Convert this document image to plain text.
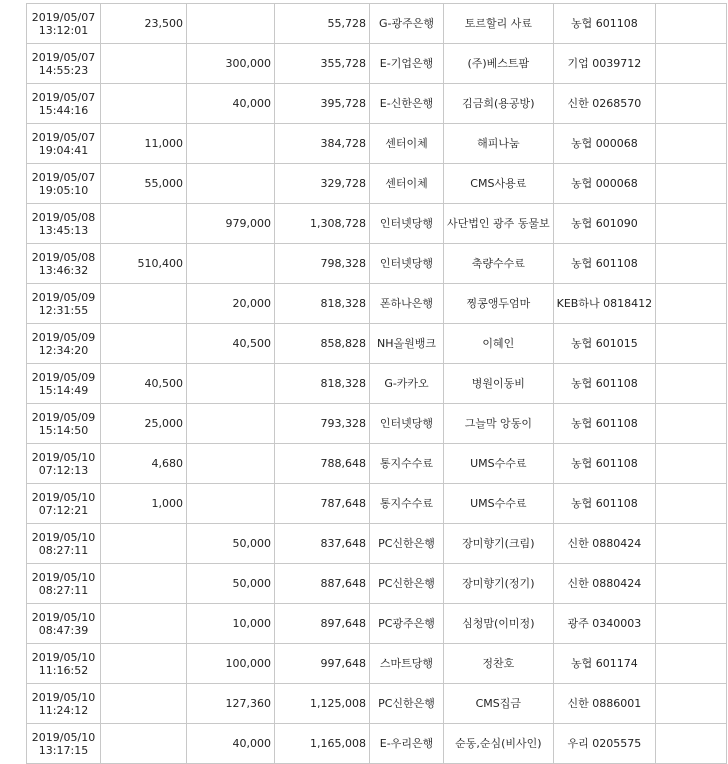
2019/05/07
13:12:01	23,500		55,728	G-광주은행	토르할리 사료	농협 601108	

2019/05/07
14:55:23		300,000	355,728	E-기업은행	(주)베스트팜	기업 0039712	

2019/05/07
15:44:16		40,000	395,728	E-신한은행	김금희(용공방)	신한 0268570	

2019/05/07
19:04:41	11,000		384,728	센터이체	해피나눔	농협 000068	

2019/05/07
19:05:10	55,000		329,728	센터이체	CMS사용료	농협 000068	

2019/05/08
13:45:13		979,000	1,308,728	인터넷당행	사단법인 광주 동물보	농협 601090	

2019/05/08
13:46:32	510,400		798,328	인터넷당행	축량수수료	농협 601108	

2019/05/09
12:31:55		20,000	818,328	폰하나은행	찡콩앵두엄마	KEB하나 0818412	

2019/05/09
12:34:20		40,500	858,828	NH올원뱅크	이혜인	농협 601015	

2019/05/09
15:14:49	40,500		818,328	G-카카오	병원이동비	농협 601108	

2019/05/09
15:14:50	25,000		793,328	인터넷당행	그늘막 앙동이	농협 601108	

2019/05/10
07:12:13	4,680		788,648	통지수수료	UMS수수료	농협 601108	

2019/05/10
07:12:21	1,000		787,648	통지수수료	UMS수수료	농협 601108	

2019/05/10
08:27:11		50,000	837,648	PC신한은행	장미향기(크림)	신한 0880424	

2019/05/10
08:27:11		50,000	887,648	PC신한은행	장미향기(정기)	신한 0880424	

2019/05/10
08:47:39		10,000	897,648	PC광주은행	심청맘(이미정)	광주 0340003	

2019/05/10
11:16:52		100,000	997,648	스마트당행	정찬호	농협 601174	

2019/05/10
11:24:12		127,360	1,125,008	PC신한은행	CMS집금	신한 0886001	

2019/05/10
13:17:15		40,000	1,165,008	E-우리은행	순동,순심(비사인)	우리 0205575	
